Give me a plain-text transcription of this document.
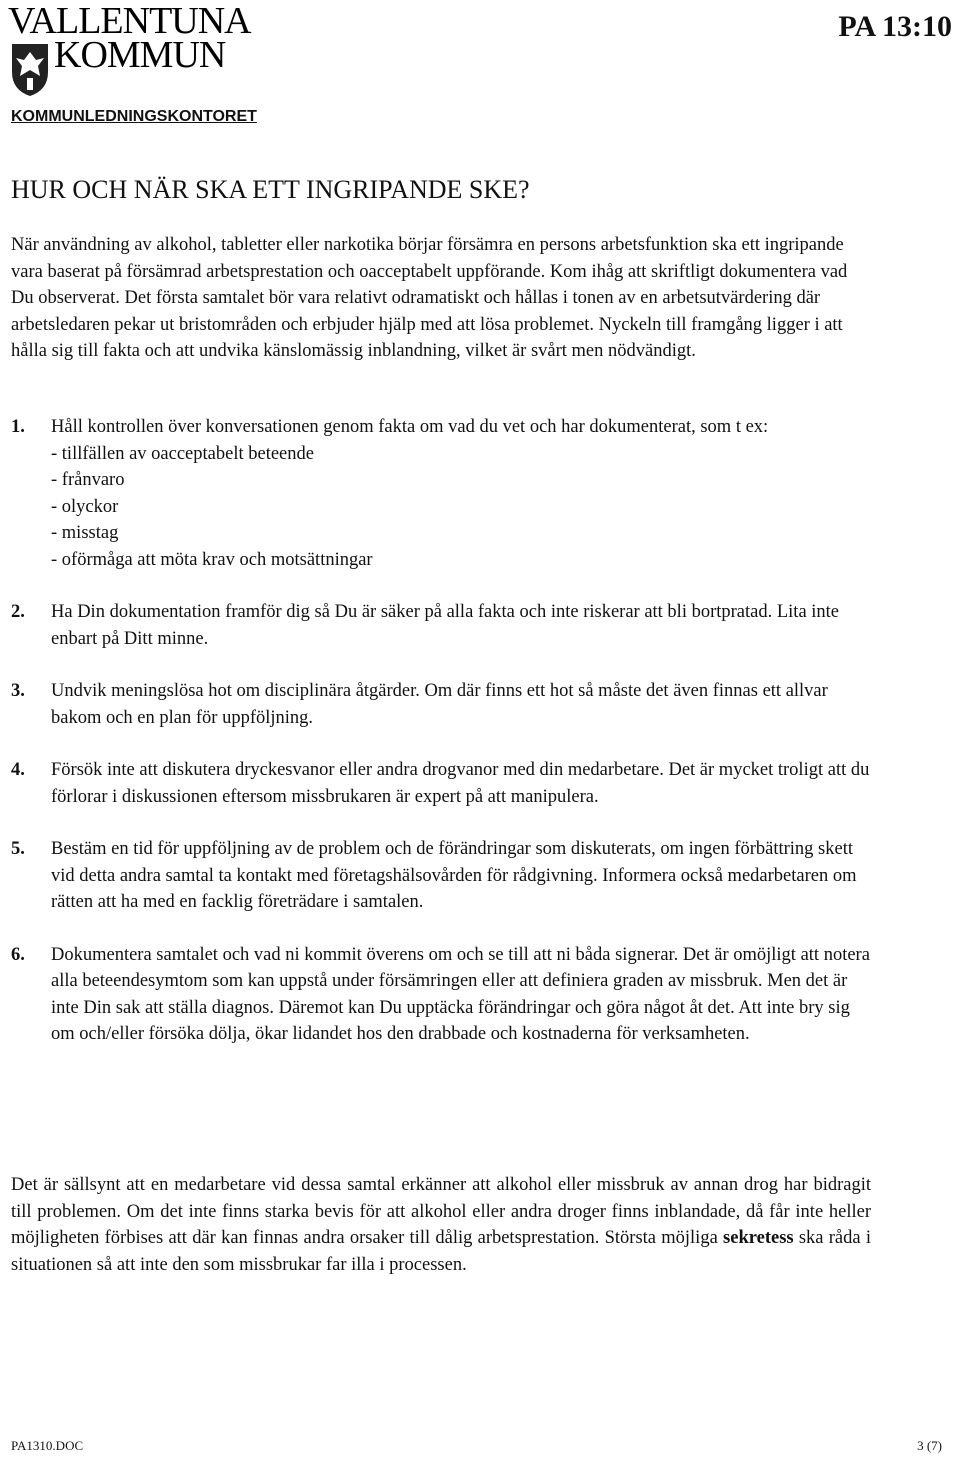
VALLENTUNA
KOMMUN
PA 13:10
KOMMUNLEDNINGSKONTORET
HUR OCH NÄR SKA ETT INGRIPANDE SKE?

När användning av alkohol, tabletter eller narkotika börjar försämra en persons arbetsfunktion ska ett ingripande vara baserat på försämrad arbetsprestation och oacceptabelt uppförande. Kom ihåg att skriftligt dokumentera vad Du observerat. Det första samtalet bör vara relativt odramatiskt och hållas i tonen av en arbetsutvärdering där arbetsledaren pekar ut bristområden och erbjuder hjälp med att lösa problemet. Nyckeln till framgång ligger i att hålla sig till fakta och att undvika känslomässig inblandning, vilket är svårt men nödvändigt.

1.	Håll kontrollen över konversationen genom fakta om vad du vet och har dokumenterat, som t ex:
- tillfällen av oacceptabelt beteende
- frånvaro
- olyckor
- misstag
- oförmåga att möta krav och motsättningar
2.	Ha Din dokumentation framför dig så Du är säker på alla fakta och inte riskerar att bli bortpratad. Lita inte enbart på Ditt minne.
3.	Undvik meningslösa hot om disciplinära åtgärder. Om där finns ett hot så måste det även finnas ett allvar bakom och en plan för uppföljning.
4.	Försök inte att diskutera dryckesvanor eller andra drogvanor med din medarbetare. Det är mycket troligt att du förlorar i diskussionen eftersom missbrukaren är expert på att manipulera.
5.	Bestäm en tid för uppföljning av de problem och de förändringar som diskuterats, om ingen förbättring skett vid detta andra samtal ta kontakt med företagshälsovården för rådgivning. Informera också medarbetaren om rätten att ha med en facklig företrädare i samtalen.
6.	Dokumentera samtalet och vad ni kommit överens om och se till att ni båda signerar. Det är omöjligt att notera alla beteendesymtom som kan uppstå under försämringen eller att definiera graden av missbruk. Men det är inte Din sak att ställa diagnos. Däremot kan Du upptäcka förändringar och göra något åt det. Att inte bry sig om och/eller försöka dölja, ökar lidandet hos den drabbade och kostnaderna för verksamheten.

Det är sällsynt att en medarbetare vid dessa samtal erkänner att alkohol eller missbruk av annan drog har bidragit till problemen. Om det inte finns starka bevis för att alkohol eller andra droger finns inblandade, då får inte heller möjligheten förbises att där kan finnas andra orsaker till dålig arbetsprestation. Största möjliga sekretess ska råda i situationen så att inte den som missbrukar far illa i processen.

PA1310.DOC	3 (7)
